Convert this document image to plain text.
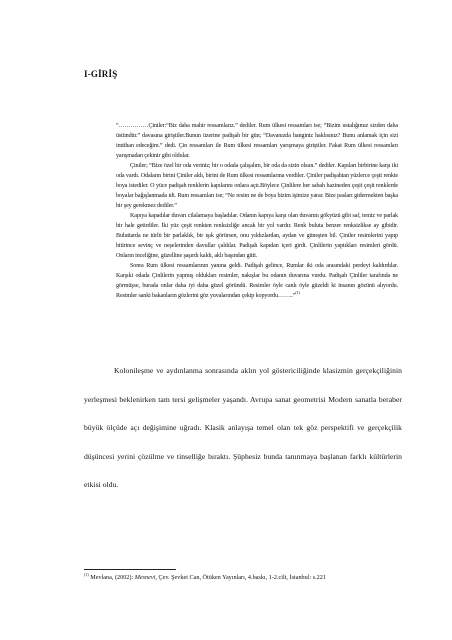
I-GİRİŞ

“……………Çiniler:“Biz daha mahir ressamlarız.” dediler. Rum ülkesi ressamları ise; “Bizim ustalığımız sizden daha üstündür.” davasına giriştiler.Bunun üzerine padişah bir gün; “Davanızda hanginiz haklısınız? Bunu anlamak için sizi imtihan edeceğim.” dedi. Çin ressamları ile Rum ülkesi ressamları yarışmaya giriştiler. Fakat Rum ülkesi ressamları yarışmadan çekinir gibi oldular.

Çiniler; “Bize özel bir oda veriniz; bir o odada çalışalım, bir oda da sizin olsun.” dediler. Kapıları birbirine karşı iki oda vardı. Odaların birini Çiniler aldı, birini de Rum ülkesi ressamlarına verdiler. Çiniler padişahtan yüzlerce çeşit renkte boya istediler. O yüce padişah renklerin kapılarını onlara açtı.Böylece Çinlilere her sabah hazineden çeşit çeşit renklerde boyalar bağışlanmada idi. Rum ressamları ise; “Ne resim ne de boya bizim işimize yarar. Bize pasları gidermekten başka bir şey gerekmez dediler.”

Kapıya kapadılar duvarı cilalamaya başladılar. Odanın kapıya karşı olan duvarını gökyüzü gibi saf, temiz ve parlak bir hale getirdiler. İki yüz çeşit renkten renksizliğe ancak bir yol vardır. Renk buluta benzer renksizlikse ay gibidir. Buluttarda ne türlü bir parlaklık, bir ışık görürsen, onu yıldızlardan, aydan ve güneşten bil. Çiniler resimlerini yapıp bitirince sevinç ve neşelerinden davullar çaldılar. Padişah kapıdan içeri girdi. Çinlilerin yaptıkları resimleri gördü. Onların inceliğine, güzelline şaşırdı kaldı, aklı başından gitti.

Sonra Rum ülkesi ressamlarının yanına geldi. Padişah gelince, Rumlar iki oda arasındaki perdeyi kaldırdılar. Karşıki odada Çinlilerin yapmış oldukları resimler, nakışlar bu odanın duvarına vurdu. Padişah Çinliler tarafında ne görmüşse, burada onlar daha iyi daha güzel göründü. Resimler öyle canlı öyle güzeldi ki insanın gözünü alıyordu. Resimler sanki bakanların gözlerini göz yuvalarından çekip kopyordu……..”$^{(1)}$

Kolonileşme ve aydınlanma sonrasında aklın yol göstericiliğinde klasizmin gerçekçiliğinin yerleşmesi beklenirken tam tersi gelişmeler yaşandı. Avrupa sanat geometrisi Modern sanatla beraber büyük ölçüde açı değişimine uğradı. Klasik anlayışa temel olan tek göz perspektifi ve gerçekçilik düşüncesi yerini çözülme ve tinselliğe bıraktı. Şüphesiz bunda tanınmaya başlanan farklı kültürlerin etkisi oldu.

$^{(1)}$ Mevlana, (2002): Mesnevi, Çev. Şevket Can, Ötüken Yayınları, 4.baskı, 1-2.cilt, İstanbul: s.221
